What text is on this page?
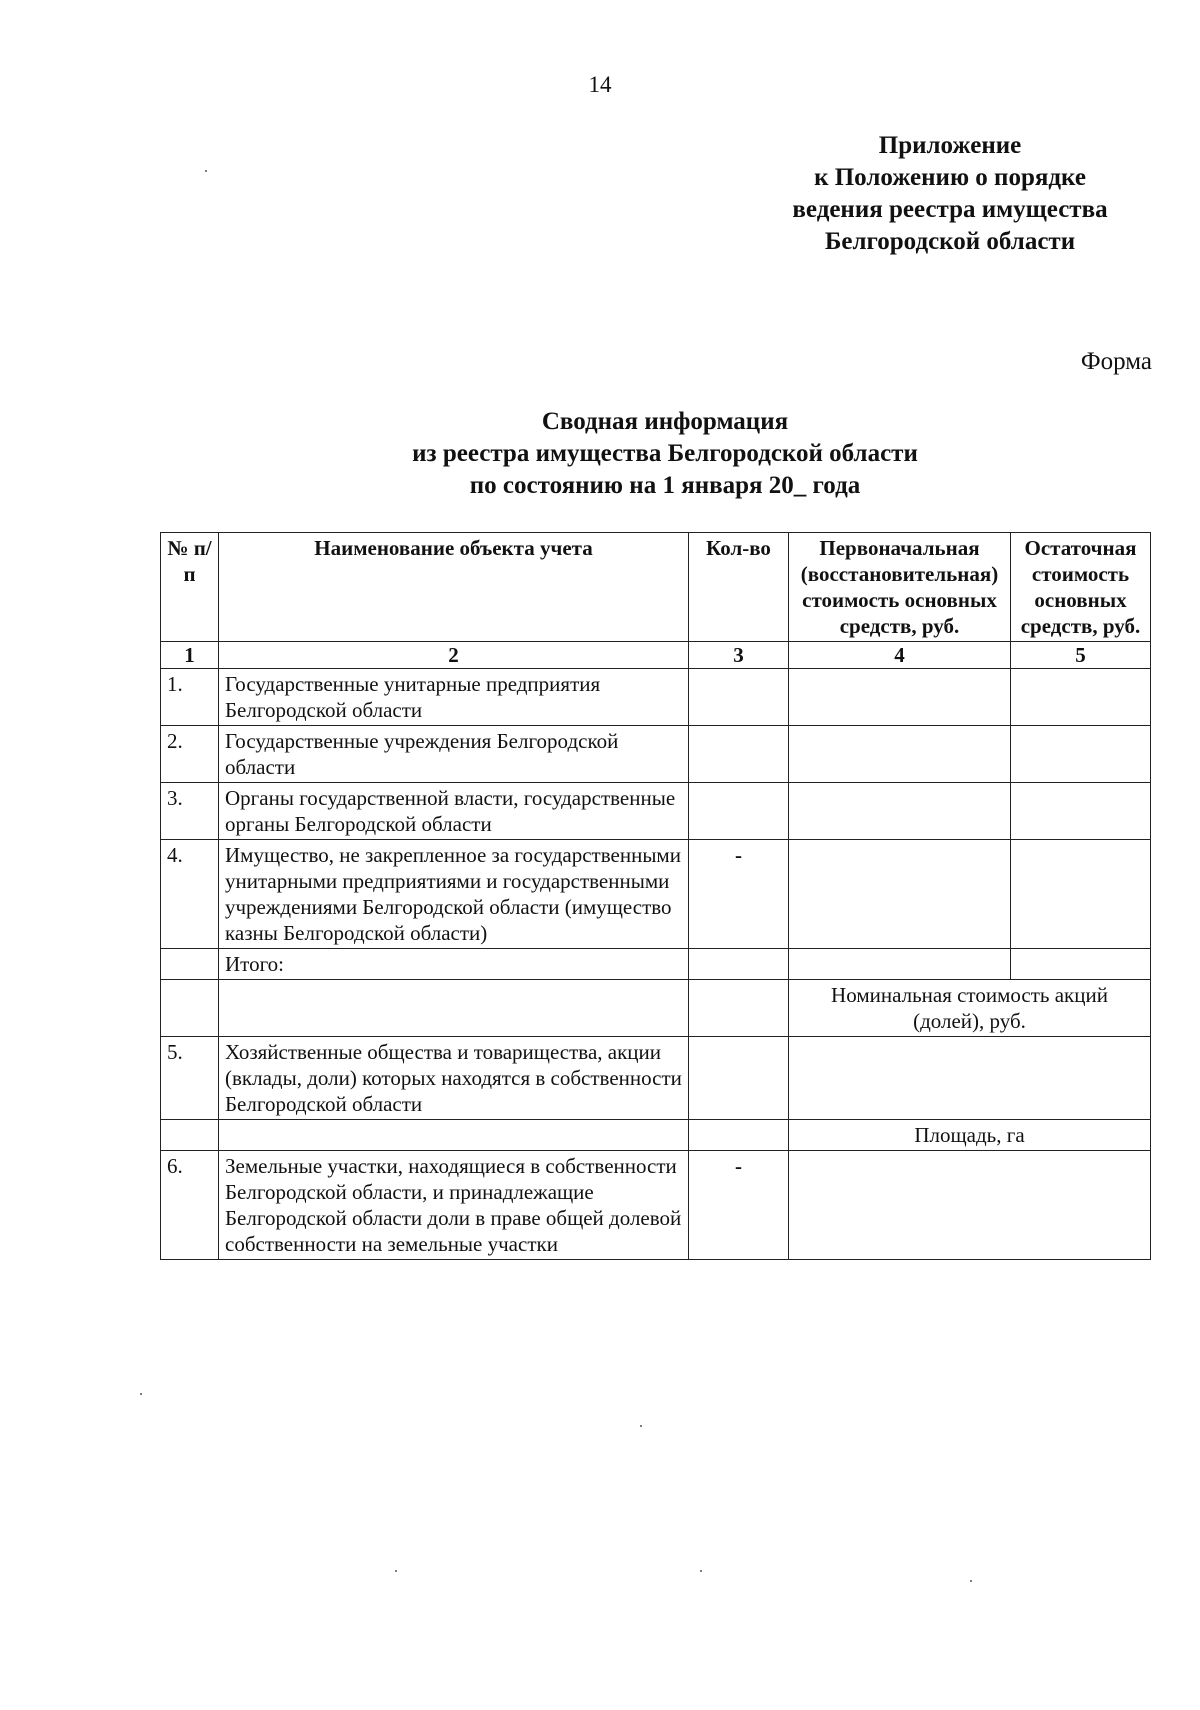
14
Приложение
к Положению о порядке
ведения реестра имущества
Белгородской области
Форма
Сводная информация
из реестра имущества Белгородской области
по состоянию на 1 января 20_ года
№ п/п	Наименование объекта учета	Кол-во	Первоначальная (восстановительная) стоимость основных средств, руб.	Остаточная стоимость основных средств, руб.
1	2	3	4	5
1.	Государственные унитарные предприятия Белгородской области			
2.	Государственные учреждения Белгородской области			
3.	Органы государственной власти, государственные органы Белгородской области			
4.	Имущество, не закрепленное за государственными унитарными предприятиями и государственными учреждениями Белгородской области (имущество казны Белгородской области)	-		
	Итого:			
			Номинальная стоимость акций (долей), руб.	
5.	Хозяйственные общества и товарищества, акции (вклады, доли) которых находятся в собственности Белгородской области			
			Площадь, га	
6.	Земельные участки, находящиеся в собственности Белгородской области, и принадлежащие Белгородской области доли в праве общей долевой собственности на земельные участки	-		
